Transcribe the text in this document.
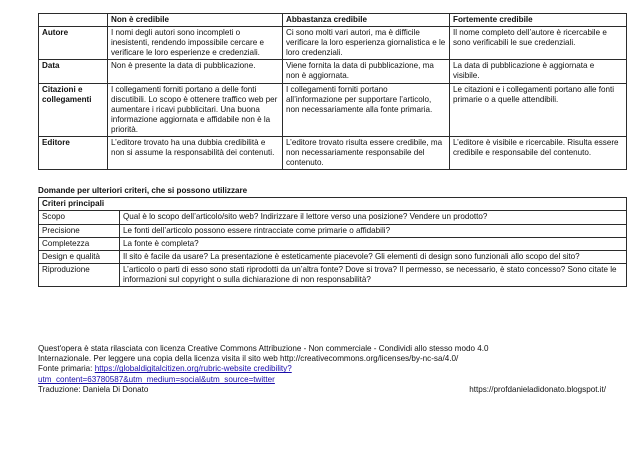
	Non è credibile	Abbastanza credibile	Fortemente credibile
Autore	I nomi degli autori sono incompleti o inesistenti, rendendo impossibile cercare e verificare le loro esperienze e credenziali.	Ci sono molti vari autori, ma è difficile verificare la loro esperienza giornalistica e le loro credenziali.	Il nome completo dell’autore è ricercabile e sono verificabili le sue credenziali.
Data	Non è presente la data di pubblicazione.	Viene fornita la data di pubblicazione, ma non è aggiornata.	La data di pubblicazione è aggiornata e visibile.
Citazioni e collegamenti	I collegamenti forniti portano a delle fonti discutibili. Lo scopo è ottenere traffico web per aumentare i ricavi pubblicitari. Una buona informazione aggiornata e affidabile non è la priorità.	I collegamenti forniti portano all’informazione per supportare l’articolo, non necessariamente alla fonte primaria.	Le citazioni e i collegamenti portano alle fonti primarie o a quelle attendibili.
Editore	L’editore trovato ha una dubbia credibilità e non si assume la responsabilità dei contenuti.	L’editore trovato risulta essere credibile, ma non necessariamente responsabile del contenuto.	L’editore è visibile e ricercabile. Risulta essere credibile e responsabile del contenuto.
Domande per ulteriori criteri, che si possono utilizzare
Criteri principali	
Scopo	Qual è lo scopo dell’articolo/sito web? Indirizzare il lettore verso una posizione? Vendere un prodotto?
Precisione	Le fonti dell’articolo possono essere rintracciate come primarie o affidabili?
Completezza	La fonte è completa?
Design e qualità	Il sito è facile da usare? La presentazione è esteticamente piacevole? Gli elementi di design sono funzionali allo scopo del sito?
Riproduzione	L’articolo o parti di esso sono stati riprodotti da un’altra fonte? Dove si trova? Il permesso, se necessario, è stato concesso? Sono citate le informazioni sul copyright o sulla dichiarazione di non responsabilità?
Quest'opera è stata rilasciata con licenza Creative Commons Attribuzione - Non commerciale - Condividi allo stesso modo 4.0
Internazionale. Per leggere una copia della licenza visita il sito web http://creativecommons.org/licenses/by-nc-sa/4.0/
Fonte primaria: https://globaldigitalcitizen.org/rubric-website credibility?
utm_content=63780587&utm_medium=social&utm_source=twitter
Traduzione: Daniela Di Donato	https://profdanieladidonato.blogspot.it/
